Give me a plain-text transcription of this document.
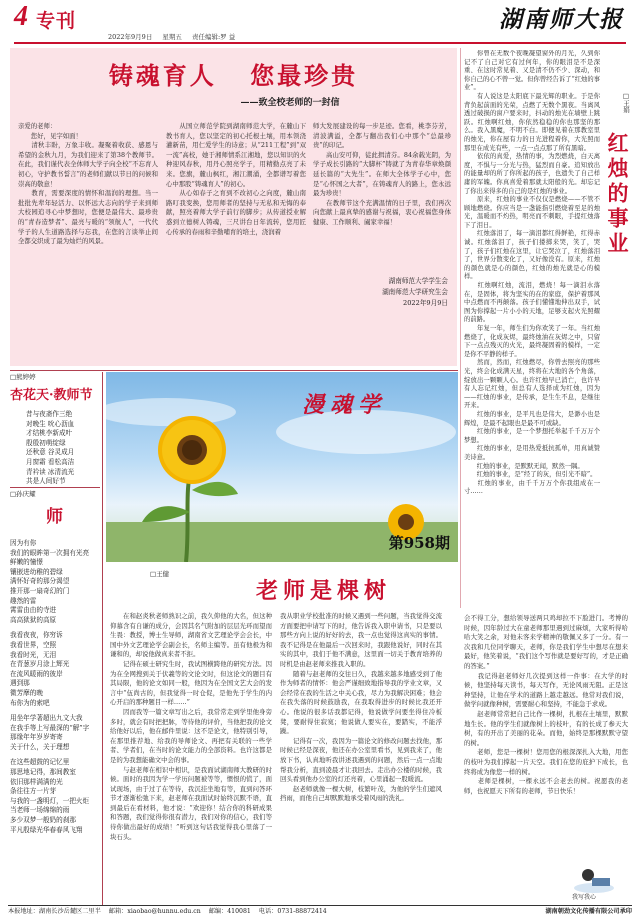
4 专刊
2022年9月9日 星期五 责任编辑:罗 益
湖南师大报
铸魂育人 您最珍贵
——致全校老师的一封信
亲爱的老师：
　　您好，见字如面！
　　清秋丰盼，万象丰收。凝聚着收获、感恩与希望的金秋九月，为我们迎来了第38个教师节。在此，我们谨代表全体师大学子向全校“不忘育人初心，守护教书誓言”的老师们献以节日的问候和崇高的敬意！
　　教育，需要深度的情怀和温润的理想。当一批批先辈年轻活力、以怀远大志向的学子来到师大校园追寻心中梦想时，您便是最伟大、最珍贵的“青春造梦者”、最亮与暖的“领航人”，一代代学子的人生道路选择与忘我，在您的言谈举止间全都交织成了最为灿烂的风景。
　　从国立师范学院到湖南师范大学，在麓山下教书育人，您以坚定的初心托根土壤，用本领浇灌新苗，用仁爱学生的诗意；从“211工程”到“双一流”高校，她于湘师情系江湘地，您以知识的火种迎风春秋，用丹心照亮学子，用精勤点亮了未来。您旗，麓山枫红，湘江潮涌，全都谱写着您心中那股“铸魂育人”的初心。
　　从心如春子之育到不改初心之向度，麓山南路叮我变换，您用师者的坚持与无私和无悔的奉献，照亮着师大学子前行的脚步；从传道授业解惑到立德树人铸魂，三尺讲台日年流转，您用匠心传承的春雨和辛勤哺育的培土，浇润着
师大发展建设的每一步足迹。您看，桃李芬芳，清波满溢，全都与翻出我们心中那个“总最珍贵”的印记。
　　高山安可仰，徒此揖清芬。84余载光阴，为学子成长引路的“大脚杯”铸就了为青春华章焕颜延长篇的“大先生”。在师大全体学子心中，您是“心怀国之大者”，在铸魂育人的路上，您永远最为珍贵！
　　在教师节这个充满温情的日子里，我们再次向您献上最真挚的感谢与祝福，衷心祝福您身体健康、工作顺利、阖家幸福！
湖南师范大学学生会
湖南师范大学研究生会
2022年9月9日
　　你曾在无数个夜晚凝望窗外的月光，久到你记不了自己对它有过何年，你的眼泪是不是深重、在这时常见着、又是清不仍不少、深动，和你自己的心不曾一觉。但你曾经告诉了“红烛的事业”。
　　有人说这是太阳底下最光辉的职业。于是你背负起前面的光荣，点燃了无数个黑夜。当离风透过破损的窗户要来时，抖动的烛光在墙壁上跳跃。红烛啊红烛，你依然稳稳的你也那坚的那么。我入黑魔，不明不白。即便见着在那教室里的烛光，你在屋有力的日光进程着你，大光照而那里在成光有些，一点一点点那了所有黑暗。
　　依依的真爱，热情的事，为烈燃烧，白天离度，不惧与一分光与热，猛烈而自豪。追知放出的能量却的所了你所起的孩子，也遗失了自己样庸的军魄。你真喜爱着那就太阳般的光。却忘记了你出来得多的自己的是红烛的事业。
　　原来，红烛的事业不仅仅是燃烧——不管不顾地燃烧。你应当是一盏能指引燃烧着至足的烛光，温暖而不灼热，明亮而不刺眼，手提红烛落下了泪日。
　　红烛落泪了，每一滴泪都红得鲜艳，红得赤诚。红烛落泪了，孩子们搂掷来哭，笑了，哭了，孩子们红烛在这里，让它哭泣了，红烛落泪了，世界分散变化了，又好像没有。原来，红烛的颜色就是心的颜色，红烛的烛光就是心的模样。
　　红烛啊红烛，流泪，燃烧！每一滴泪水落在，是固体，将为坚实的在的家庭，保护着那风中点燃而不再颠落。孩子们懂懂地伸出双手，试图为你撑起一片小小的天地，足够支起火光照耀的前路。
　　年复一年，师生们为你欢笑了一年。当红烛燃烧了，化成灰烬，最终烛油在灰烬之中，只留下一点点残灭的火光，最终凝固着的模样，一定是你不平静的样子。
　　然而，然而，红烛燃尽，你曾去照亮的那些光，终会化成满天星，终将在大地的各个角落，绽放出一颗颗人心。也许红烛早已消亡，也许早有人忘记红烛，但总有人选择成为红烛，因为——红烛的事业，是传承，是生生不息，是继往开来。
　　红烛的事业，是平凡也是伟大，是渺小也是辉煌，是最不起眼也是最不可或缺。
　　红烛的事业，是一个梦想托举起千千万万个梦想。
　　红烛的事业，是用热爱抵抗孤单，用真诚赞美诗意。
　　红烛的事业，是默默无闻，默然一隅。
　　红烛的事业，是“经了的灰，但引光不暗”。
　　红烛的事业，由千千万万个你我组成在一寸……
□王娟
红烛的事业
□熊婷婷
杏花天·教师节
昔与夜斋作三绝
对晚生 吮心沥血
才结桃李新成叶
殷殷初萌绽绿
还秋意 谷灵成月
月窗霜 看松高洁
青衿读 冰清流光
共是人间好节
□孙庆耀
师
因为有你
我们的眼眸第一次拥有光亮
鲜嫩的憧憬
镶嵌进幼稚的碧绿
满怀好奇的那分渴望
推开那一扇奇幻的门
趣然的雷
霄雷由由的寺进
高高狱狱的高原
我看夜夜，你穷诉
我看世界，空照
我看时光，无泪
在青葱岁月涂上辉光
在流风暖雨的彼岸
遇到那
微芳摩的晚
布你为的索吧
用坐年学著超出九文大我
在我手等上写最深的“解”字
那缘年年岁岁寄寄
关于什么，关于理想
在这些超鼓的记忆里
那思地记得，那间教室
依旧那样满满的光
条往往方一片芽
与我的一盏明灯，一把火炬
当老师一场绵绵的雨
多少双梦一般奶的刹那
平凡殷绿光华春春风飞翔
漫魂学
第958期
□王健
老师是棵树
　　在和赵炎秋老师熟识之前，我久仰他的大名，但这种仰慕含有自谦的成分，会因其名气附加的层层光环而望而生畏：教授，博士生导师，湖南省文艺理论学会会长，中国中外文艺理论学会副会长，名师主编等。虽有他极为和谦和的，却说他做真来者不拒。
　　记得在硕士研究生时，我试图横跨他的研究方法。因为在全网搜到关于伏羲等的文论文时，但这论文的题目有其局限，他的论文如同一般，他因为在全国文艺大会的发言中“伍尚古的，但我觉得一时仓促，是他先于学生的内心开启的那种题目一样……”
　　因而我等一篇文章写出之后，我常常走到学里他身旁多时，就会有时把把脉，等待他的评价，当他把我的论文给他好以后，他在邮件里说：这不是论文，他特别引导，在那里推荐地、给我的导师论文、再把有关联的一些学者、学者们，在当时的论文能力的全部资料。也许这都是是的为我想能确文中会的事。
　　与赵老师在相识中相识，是我面试湖南师大教研的时候。面时的我因为学一学历问题被等等，惯恨的慌了，面试现场，由于过了在等待，我沉挂坐地有等，直到问答环节才逐渐松弛下来，赵老师在我面试时始终沉默不语，直到最后在看材料，他才说：“欢迎你！结合你的科研成果和答题，我们觉得你很有潜力，我们对你的信心，我们等待你做出最好的成绩！”听到这句话我觉得我心里落了一块石头。
我从职业学校批准的时候又遇到一些问题，当我觉得交流方面要把申请写下的时，他告诉我入职申请书，只是要以那些方向上说的好好的去，我一点也觉得这真实的事情。我不记得是在他最后一次回来时，我跟他说好，同时在其实的其中，我们于他不满意，这里面一切关于教育培养的时机是由赵老师来推我入职的。
　　随着与赵老师的交往日久，我越来越多地感受到了他作为师者的情怀：他会严谨细致地指导我的学业文章，又会经常在我的生活之中关心我，尽力为我解决困难；他会在我失落的时候鼓励我，在我取得进步的时候比我还开心。他说的很多话我都记得，他说做学问要坐得住冷板凳，要耐得住寂寞；他说做人要实在，要踏实，不能浮躁。
　　记得有一次，我因为一篇论文的修改问题去找他，那时候已经是深夜，他还在办公室里看书，见到我来了，他放下书，认真地听我讲述我遇到的问题，然后一点一点地帮我分析，直到凌晨才让我回去。走出办公楼的时候，我回头看到他办公室的灯还亮着，心里涌起一股暖流。
　　赵老师就像一棵大树，枝繁叶茂，为他的学生们遮风挡雨，而他自己却默默地承受着风雨的洗礼。
会不得工分，想给领导送两只鸡却拉不下脸进门。考博的时候，因年龄过大在童老师那里遇到过麻烦，大家听得哈哈大笑之余，对他未客来学精神的敬佩又多了一分。有一次我和几位同学聊天，老师，你是我们学生中想尽在想来最好，他笑着说，“我们这个写作就是要好写的，才是正确的答案。”
　　我记得赵老师好几次提到这样一件事：在大学的时候，他坚持每天读书，每天写作，无论风雨无阻。正是这种坚持，让他在学术的道路上越走越远。他常对我们说，做学问就像种树，需要耐心和坚持，不能急于求成。
　　赵老师常常把自己比作一棵树，扎根在土壤里，默默地生长。他的学生们就像树上的枝叶，有的长成了参天大树，有的开出了美丽的花朵。而他，始终是那棵默默守望的树。
　　老师，您是一棵树！您用您的根深深扎入大地，用您的枝叶为我们撑起一片天空。我们在您的庇护下成长，也终将成为像您一样的树。
　　老师是棵树，一棵永远不会老去的树。祝愿我的老师，也祝愿天下所有的老师，节日快乐！
我写我心
本报地址：湖南长沙岳麓区二里半 邮箱：xiaobao@hunnu.edu.cn 邮编：410081 电话：0731-88872414	湖南朝劲文化传播有限公司承印
